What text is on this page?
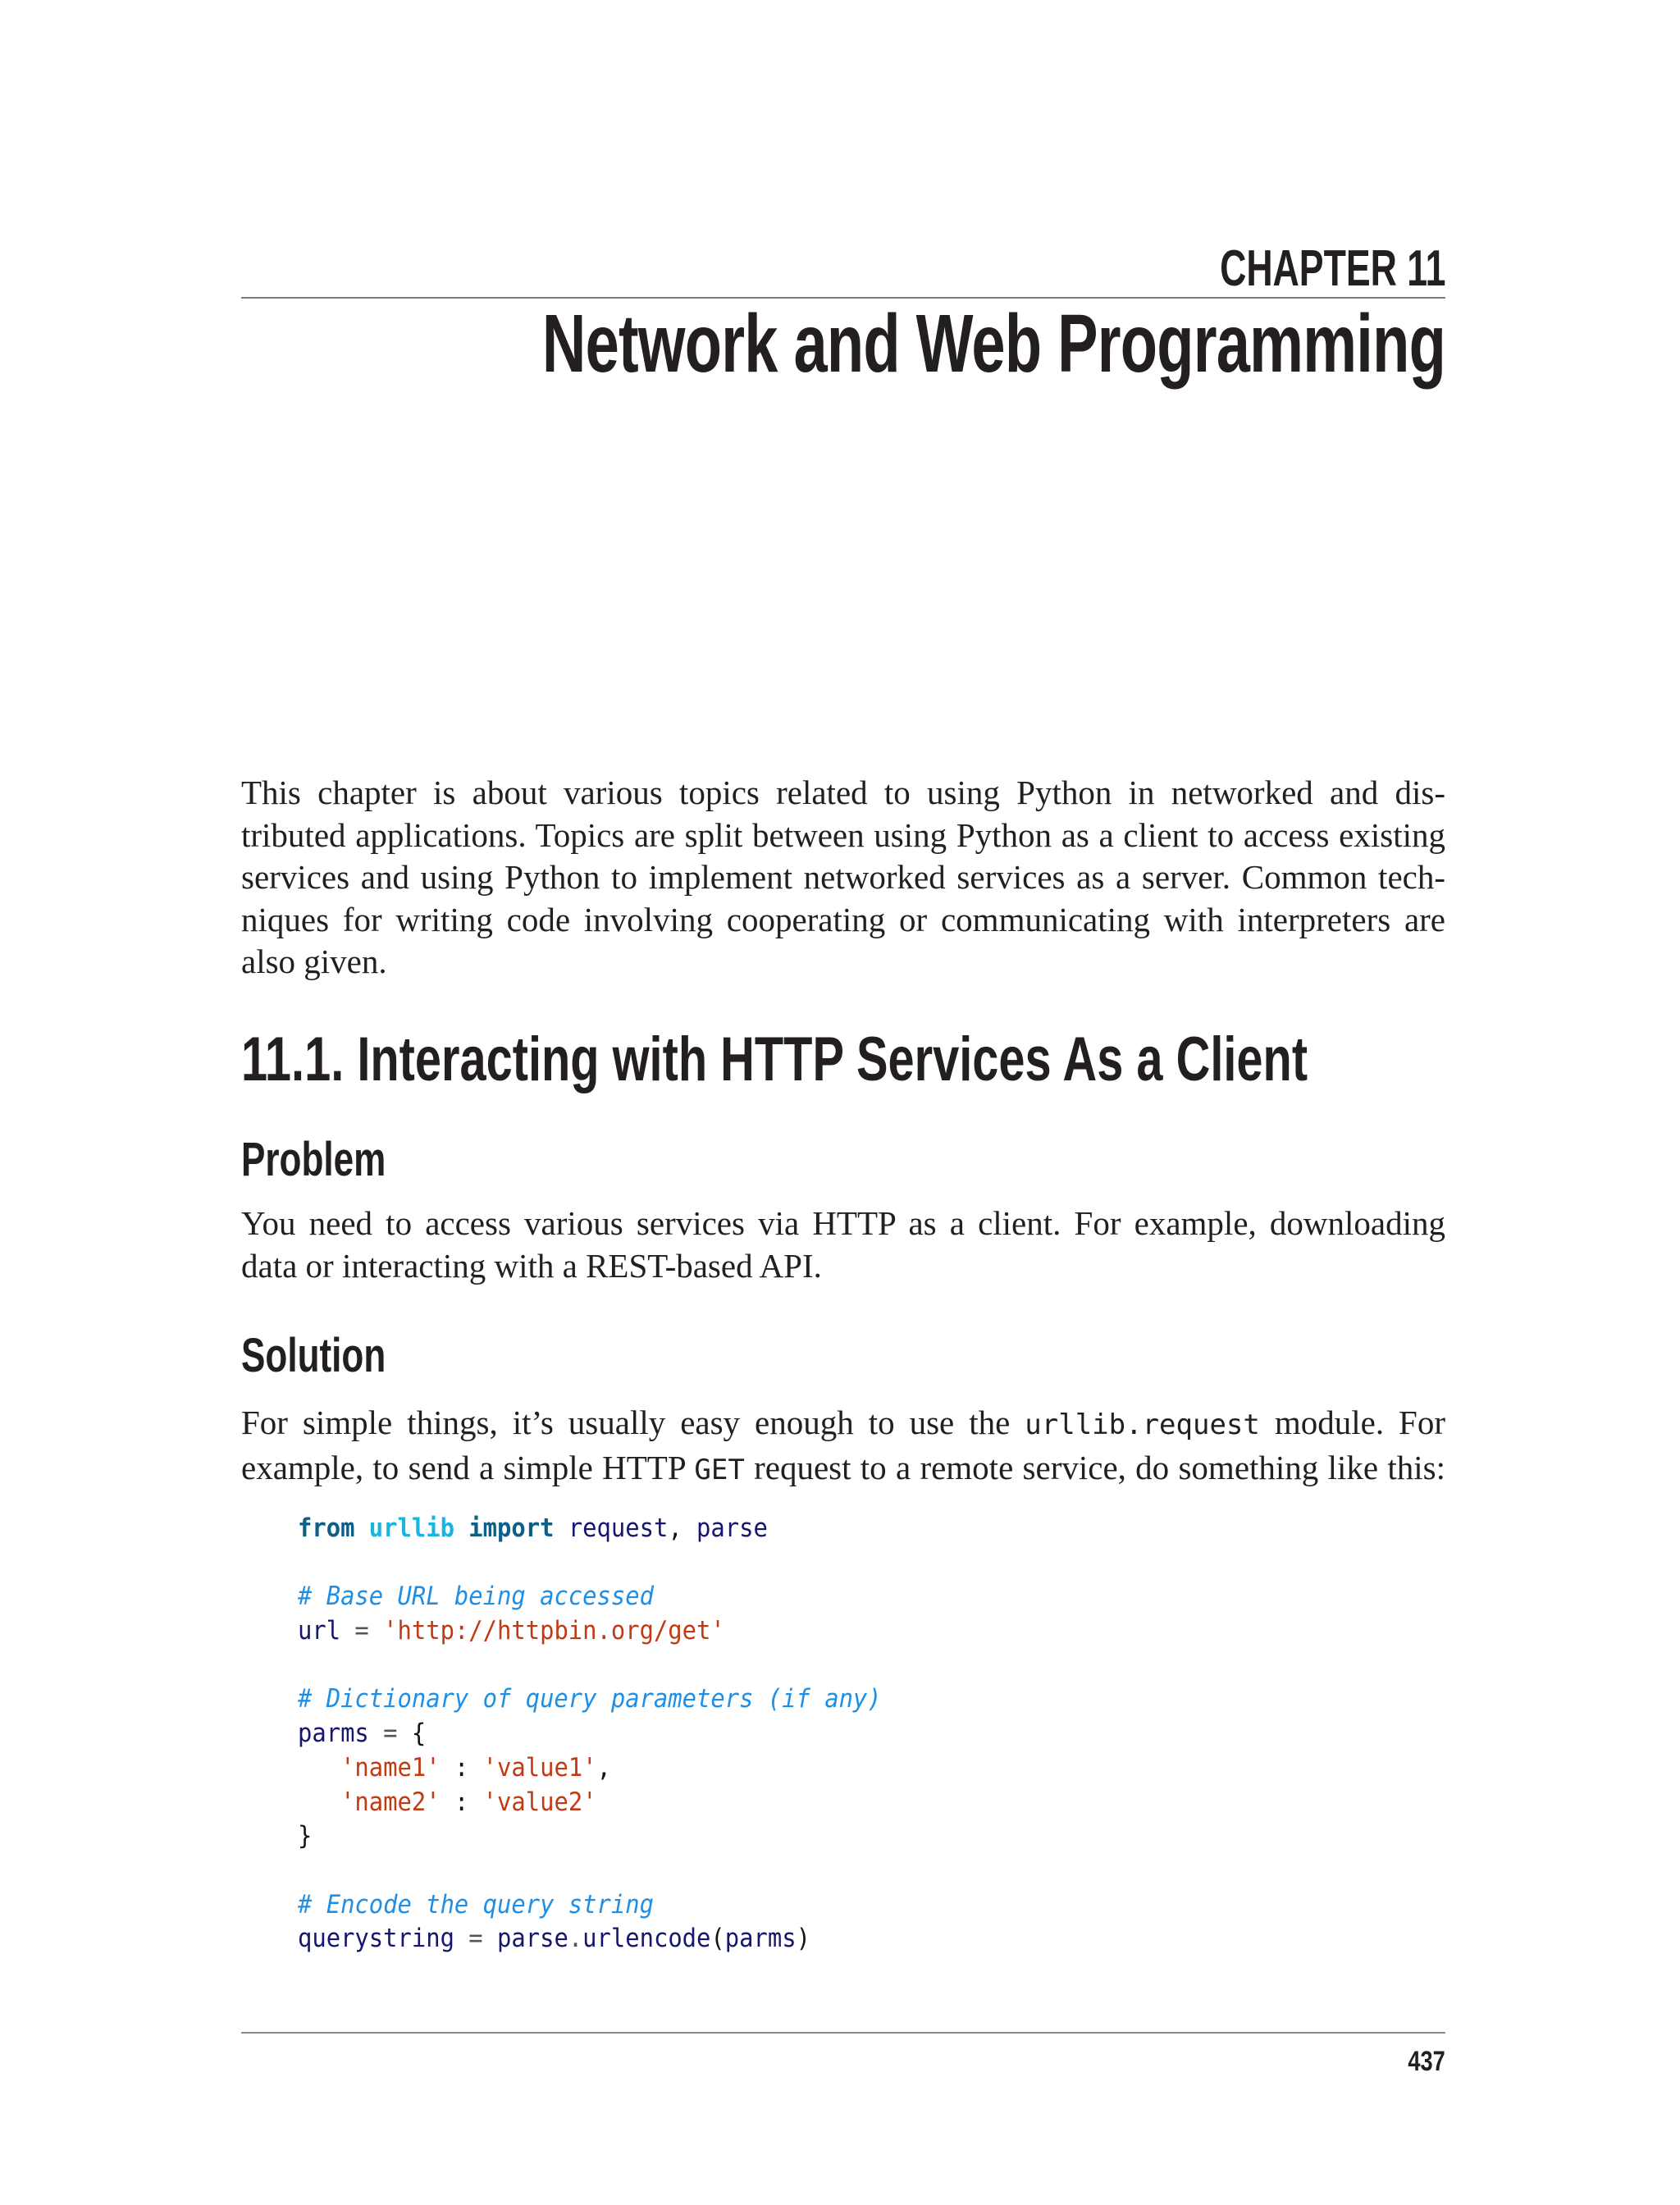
CHAPTER 11
Network and Web Programming
This chapter is about various topics related to using Python in networked and dis-
tributed applications. Topics are split between using Python as a client to access existing
services and using Python to implement networked services as a server. Common tech-
niques for writing code involving cooperating or communicating with interpreters are
also given.
11.1. Interacting with HTTP Services As a Client
Problem
You need to access various services via HTTP as a client. For example, downloading
data or interacting with a REST-based API.
Solution
For simple things, it’s usually easy enough to use the urllib.request module. For
example, to send a simple HTTP GET request to a remote service, do something like this:
from urllib import request, parse

# Base URL being accessed
url = 'http://httpbin.org/get'

# Dictionary of query parameters (if any)
parms = {
'name1' : 'value1',
'name2' : 'value2'
}

# Encode the query string
querystring = parse.urlencode(parms)
437
